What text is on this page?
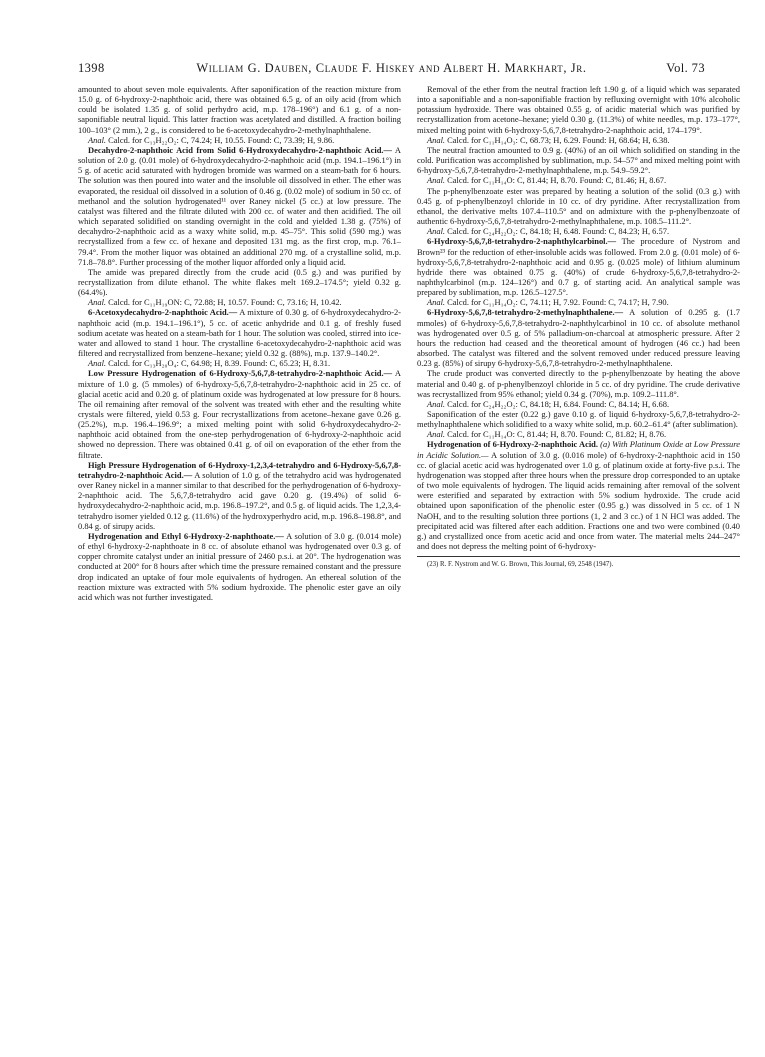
1398	William G. Dauben, Claude F. Hiskey and Albert H. Markhart, Jr.	Vol. 73

amounted to about seven mole equivalents. After saponification of the reaction mixture from 15.0 g. of 6-hydroxy-2-naphthoic acid, there was obtained 6.5 g. of an oily acid (from which could be isolated 1.35 g. of solid perhydro acid, m.p. 178–196°) and 6.1 g. of a non-saponifiable neutral liquid. This latter fraction was acetylated and distilled. A fraction boiling 100–103° (2 mm.), 2 g., is considered to be 6-acetoxydecahydro-2-methylnaphthalene.

Anal. Calcd. for C₁₃H₂₂O₂: C, 74.24; H, 10.55. Found: C, 73.39; H, 9.86.

Decahydro-2-naphthoic Acid from Solid 6-Hydroxydecahydro-2-naphthoic Acid.— A solution of 2.0 g. (0.01 mole) of 6-hydroxydecahydro-2-naphthoic acid (m.p. 194.1–196.1°) in 5 g. of acetic acid saturated with hydrogen bromide was warmed on a steam-bath for 6 hours. The solution was then poured into water and the insoluble oil dissolved in ether. The ether was evaporated, the residual oil dissolved in a solution of 0.46 g. (0.02 mole) of sodium in 50 cc. of methanol and the solution hydrogenated¹¹ over Raney nickel (5 cc.) at low pressure. The catalyst was filtered and the filtrate diluted with 200 cc. of water and then acidified. The oil which separated solidified on standing overnight in the cold and yielded 1.38 g. (75%) of decahydro-2-naphthoic acid as a waxy white solid, m.p. 45–75°. This solid (590 mg.) was recrystallized from a few cc. of hexane and deposited 131 mg. as the first crop, m.p. 76.1–79.4°. From the mother liquor was obtained an additional 270 mg. of a crystalline solid, m.p. 71.8–78.8°. Further processing of the mother liquor afforded only a liquid acid.

The amide was prepared directly from the crude acid (0.5 g.) and was purified by recrystallization from dilute ethanol. The white flakes melt 169.2–174.5°; yield 0.32 g. (64.4%).

Anal. Calcd. for C₁₁H₁₉ON: C, 72.88; H, 10.57. Found: C, 73.16; H, 10.42.

6-Acetoxydecahydro-2-naphthoic Acid.— A mixture of 0.30 g. of 6-hydroxydecahydro-2-naphthoic acid (m.p. 194.1–196.1°), 5 cc. of acetic anhydride and 0.1 g. of freshly fused sodium acetate was heated on a steam-bath for 1 hour. The solution was cooled, stirred into ice-water and allowed to stand 1 hour. The crystalline 6-acetoxydecahydro-2-naphthoic acid was filtered and recrystallized from benzene–hexane; yield 0.32 g. (88%), m.p. 137.9–140.2°.

Anal. Calcd. for C₁₃H₂₀O₄: C, 64.98; H, 8.39. Found: C, 65.23; H, 8.31.

Low Pressure Hydrogenation of 6-Hydroxy-5,6,7,8-tetrahydro-2-naphthoic Acid.— A mixture of 1.0 g. (5 mmoles) of 6-hydroxy-5,6,7,8-tetrahydro-2-naphthoic acid in 25 cc. of glacial acetic acid and 0.20 g. of platinum oxide was hydrogenated at low pressure for 8 hours. The oil remaining after removal of the solvent was treated with ether and the resulting white crystals were filtered, yield 0.53 g. Four recrystallizations from acetone–hexane gave 0.26 g. (25.2%), m.p. 196.4–196.9°; a mixed melting point with solid 6-hydroxydecahydro-2-naphthoic acid obtained from the one-step perhydrogenation of 6-hydroxy-2-naphthoic acid showed no depression. There was obtained 0.41 g. of oil on evaporation of the ether from the filtrate.

High Pressure Hydrogenation of 6-Hydroxy-1,2,3,4-tetrahydro and 6-Hydroxy-5,6,7,8-tetrahydro-2-naphthoic Acid.— A solution of 1.0 g. of the tetrahydro acid was hydrogenated over Raney nickel in a manner similar to that described for the perhydrogenation of 6-hydroxy-2-naphthoic acid. The 5,6,7,8-tetrahydro acid gave 0.20 g. (19.4%) of solid 6-hydroxydecahydro-2-naphthoic acid, m.p. 196.8–197.2°, and 0.5 g. of liquid acids. The 1,2,3,4-tetrahydro isomer yielded 0.12 g. (11.6%) of the hydroxyperhydro acid, m.p. 196.8–198.8°, and 0.84 g. of sirupy acids.

Hydrogenation and Ethyl 6-Hydroxy-2-naphthoate.— A solution of 3.0 g. (0.014 mole) of ethyl 6-hydroxy-2-naphthoate in 8 cc. of absolute ethanol was hydrogenated over 0.3 g. of copper chromite catalyst under an initial pressure of 2460 p.s.i. at 20°. The hydrogenation was conducted at 200° for 8 hours after which time the pressure remained constant and the pressure drop indicated an uptake of four mole equivalents of hydrogen. An ethereal solution of the reaction mixture was extracted with 5% sodium hydroxide. The phenolic ester gave an oily acid which was not further investigated.

Removal of the ether from the neutral fraction left 1.90 g. of a liquid which was separated into a saponifiable and a non-saponifiable fraction by refluxing overnight with 10% alcoholic potassium hydroxide. There was obtained 0.55 g. of acidic material which was purified by recrystallization from acetone–hexane; yield 0.30 g. (11.3%) of white needles, m.p. 173–177°, mixed melting point with 6-hydroxy-5,6,7,8-tetrahydro-2-naphthoic acid, 174–179°.

Anal. Calcd. for C₁₁H₁₄O₃: C, 68.73; H, 6.29. Found: H, 68.64; H, 6.38.

The neutral fraction amounted to 0.9 g. (40%) of an oil which solidified on standing in the cold. Purification was accomplished by sublimation, m.p. 54–57° and mixed melting point with 6-hydroxy-5,6,7,8-tetrahydro-2-methylnaphthalene, m.p. 54.9–59.2°.

Anal. Calcd. for C₁₁H₁₄O: C, 81.44; H, 8.70. Found: C, 81.46; H, 8.67.

The p-phenylbenzoate ester was prepared by heating a solution of the solid (0.3 g.) with 0.45 g. of p-phenylbenzoyl chloride in 10 cc. of dry pyridine. After recrystallization from ethanol, the derivative melts 107.4–110.5° and on admixture with the p-phenylbenzoate of authentic 6-hydroxy-5,6,7,8-tetrahydro-2-methylnaphthalene, m.p. 108.5–111.2°.

Anal. Calcd. for C₂₄H₂₂O₂: C, 84.18; H, 6.48. Found: C, 84.23; H, 6.57.

6-Hydroxy-5,6,7,8-tetrahydro-2-naphthylcarbinol.— The procedure of Nystrom and Brown²³ for the reduction of ether-insoluble acids was followed. From 2.0 g. (0.01 mole) of 6-hydroxy-5,6,7,8-tetrahydro-2-naphthoic acid and 0.95 g. (0.025 mole) of lithium aluminum hydride there was obtained 0.75 g. (40%) of crude 6-hydroxy-5,6,7,8-tetrahydro-2-naphthylcarbinol (m.p. 124–126°) and 0.7 g. of starting acid. An analytical sample was prepared by sublimation, m.p. 126.5–127.5°.

Anal. Calcd. for C₁₁H₁₄O₂: C, 74.11; H, 7.92. Found: C, 74.17; H, 7.90.

6-Hydroxy-5,6,7,8-tetrahydro-2-methylnaphthalene.— A solution of 0.295 g. (1.7 mmoles) of 6-hydroxy-5,6,7,8-tetrahydro-2-naphthylcarbinol in 10 cc. of absolute methanol was hydrogenated over 0.5 g. of 5% palladium-on-charcoal at atmospheric pressure. After 2 hours the reduction had ceased and the theoretical amount of hydrogen (46 cc.) had been absorbed. The catalyst was filtered and the solvent removed under reduced pressure leaving 0.23 g. (85%) of sirupy 6-hydroxy-5,6,7,8-tetrahydro-2-methylnaphthalene.

The crude product was converted directly to the p-phenylbenzoate by heating the above material and 0.40 g. of p-phenylbenzoyl chloride in 5 cc. of dry pyridine. The crude derivative was recrystallized from 95% ethanol; yield 0.34 g. (70%), m.p. 109.2–111.8°.

Anal. Calcd. for C₂₄H₂₂O₂: C, 84.18; H, 6.84. Found: C, 84.14; H, 6.68.

Saponification of the ester (0.22 g.) gave 0.10 g. of liquid 6-hydroxy-5,6,7,8-tetrahydro-2-methylnaphthalene which solidified to a waxy white solid, m.p. 60.2–61.4° (after sublimation).

Anal. Calcd. for C₁₁H₁₄O: C, 81.44; H, 8.70. Found: C, 81.82; H, 8.76.

Hydrogenation of 6-Hydroxy-2-naphthoic Acid. (a) With Platinum Oxide at Low Pressure in Acidic Solution.— A solution of 3.0 g. (0.016 mole) of 6-hydroxy-2-naphthoic acid in 150 cc. of glacial acetic acid was hydrogenated over 1.0 g. of platinum oxide at forty-five p.s.i. The hydrogenation was stopped after three hours when the pressure drop corresponded to an uptake of two mole equivalents of hydrogen. The liquid acids remaining after removal of the solvent were esterified and separated by extraction with 5% sodium hydroxide. The crude acid obtained upon saponification of the phenolic ester (0.95 g.) was dissolved in 5 cc. of 1 N NaOH, and to the resulting solution three portions (1, 2 and 3 cc.) of 1 N HCl was added. The precipitated acid was filtered after each addition. Fractions one and two were combined (0.40 g.) and crystallized once from acetic acid and once from water. The material melts 244–247° and does not depress the melting point of 6-hydroxy-

(23) R. F. Nystrom and W. G. Brown, This Journal, 69, 2548 (1947).
